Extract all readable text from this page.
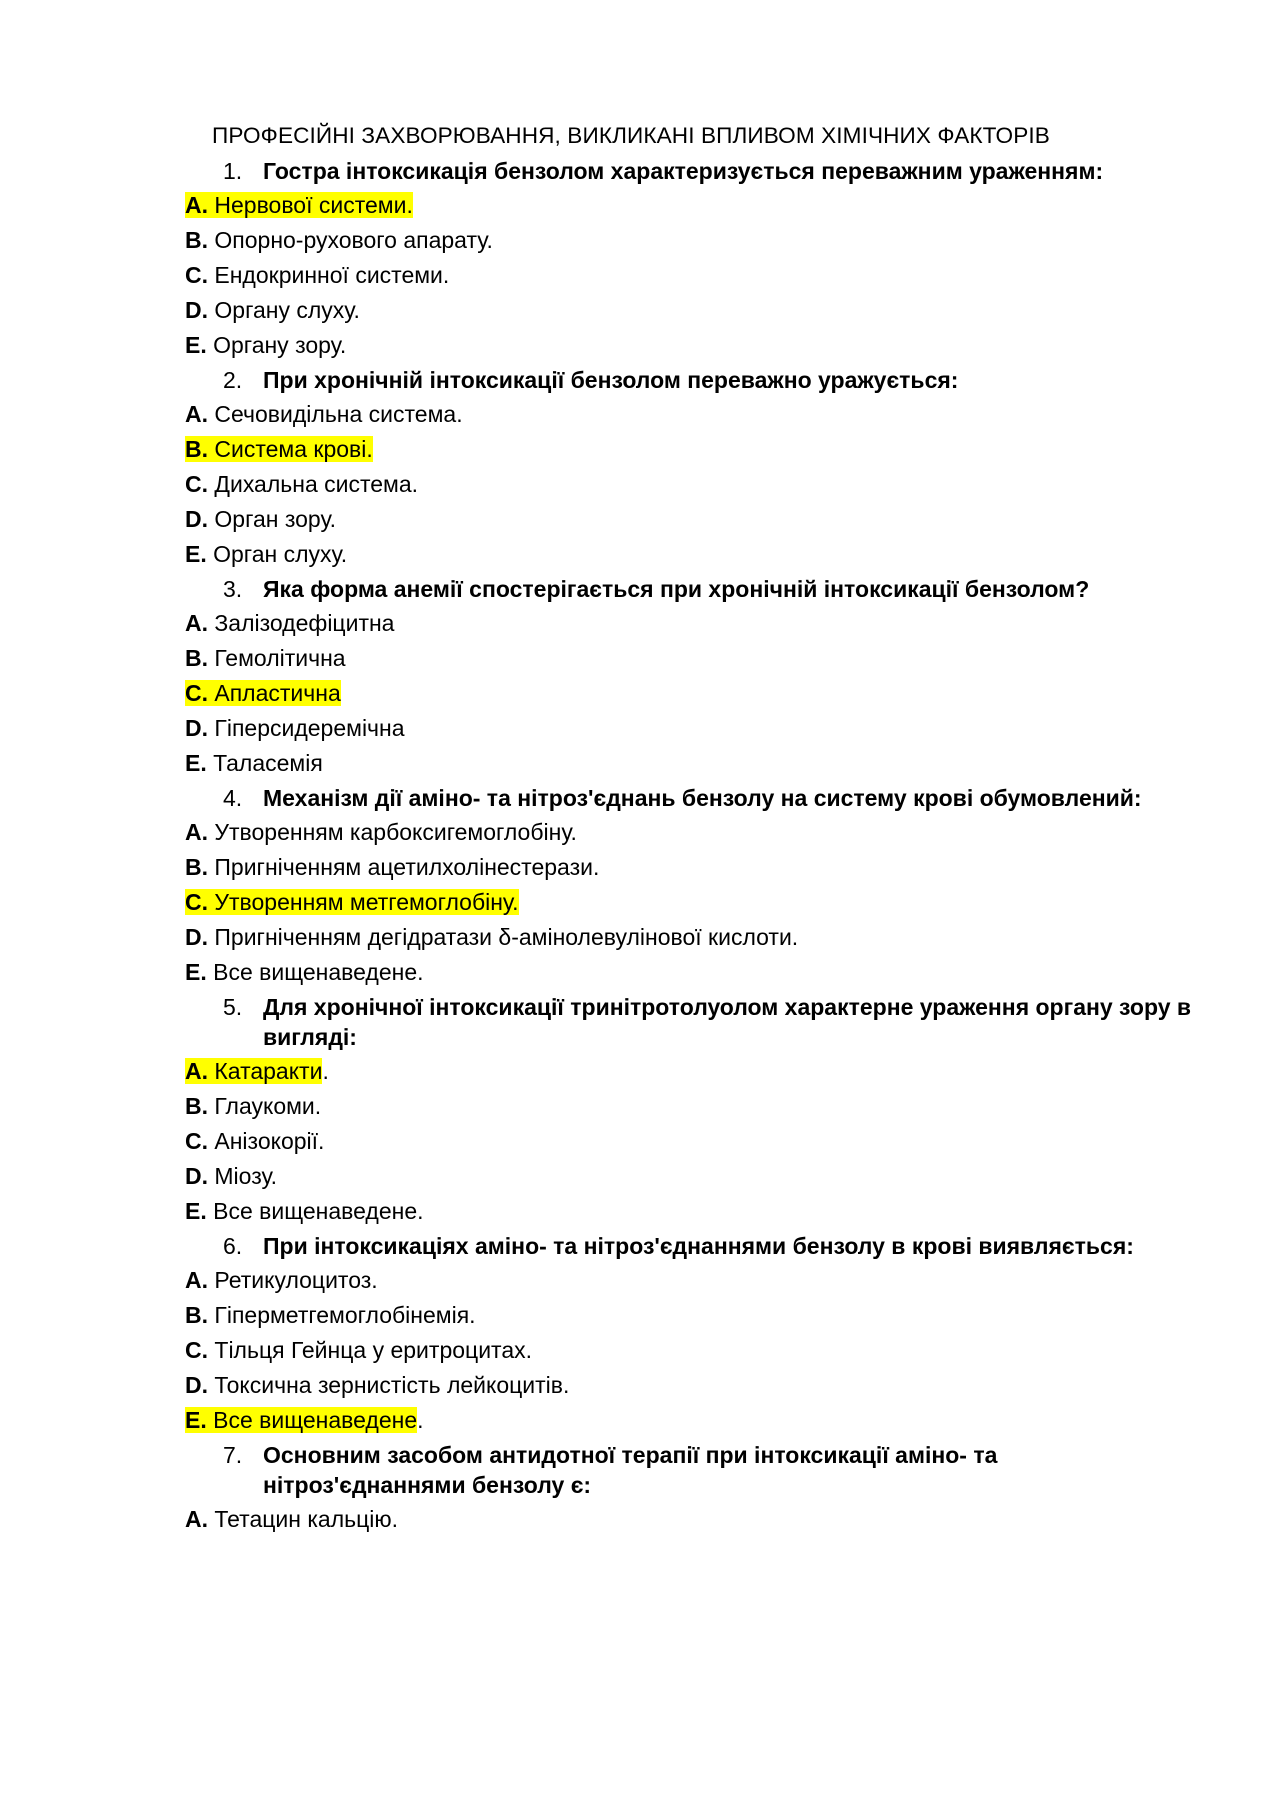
ПРОФЕСІЙНІ ЗАХВОРЮВАННЯ, ВИКЛИКАНІ ВПЛИВОМ ХІМІЧНИХ ФАКТОРІВ
1. Гостра інтоксикація бензолом характеризується переважним ураженням:
A. Нервової системи.
B. Опорно-рухового апарату.
C. Ендокринної системи.
D. Органу слуху.
E. Органу зору.
2. При хронічній інтоксикації бензолом переважно уражується:
A. Сечовидільна система.
B. Система крові.
C. Дихальна система.
D. Орган зору.
E. Орган слуху.
3. Яка форма анемії спостерігається при хронічній інтоксикації бензолом?
A. Залізодефіцитна
B. Гемолітична
C. Апластична
D. Гіперсидеремічна
E. Таласемія
4. Механізм дії аміно- та нітроз'єднань бензолу на систему крові обумовлений:
A. Утворенням карбоксигемоглобіну.
B. Пригніченням ацетилхолінестерази.
C. Утворенням метгемоглобіну.
D. Пригніченням дегідратази δ-амінолевулінової кислоти.
E. Все вищенаведене.
5. Для хронічної інтоксикації тринітротолуолом характерне ураження органу зору в вигляді:
A. Катаракти.
B. Глаукоми.
C. Анізокорії.
D. Міозу.
E. Все вищенаведене.
6. При інтоксикаціях аміно- та нітроз'єднаннями бензолу в крові виявляється:
A. Ретикулоцитоз.
B. Гіперметгемоглобінемія.
C. Тільця Гейнца у еритроцитах.
D. Токсична зернистість лейкоцитів.
E. Все вищенаведене.
7. Основним засобом антидотної терапії при інтоксикації аміно- та нітроз'єднаннями бензолу є:
A. Тетацин кальцію.
